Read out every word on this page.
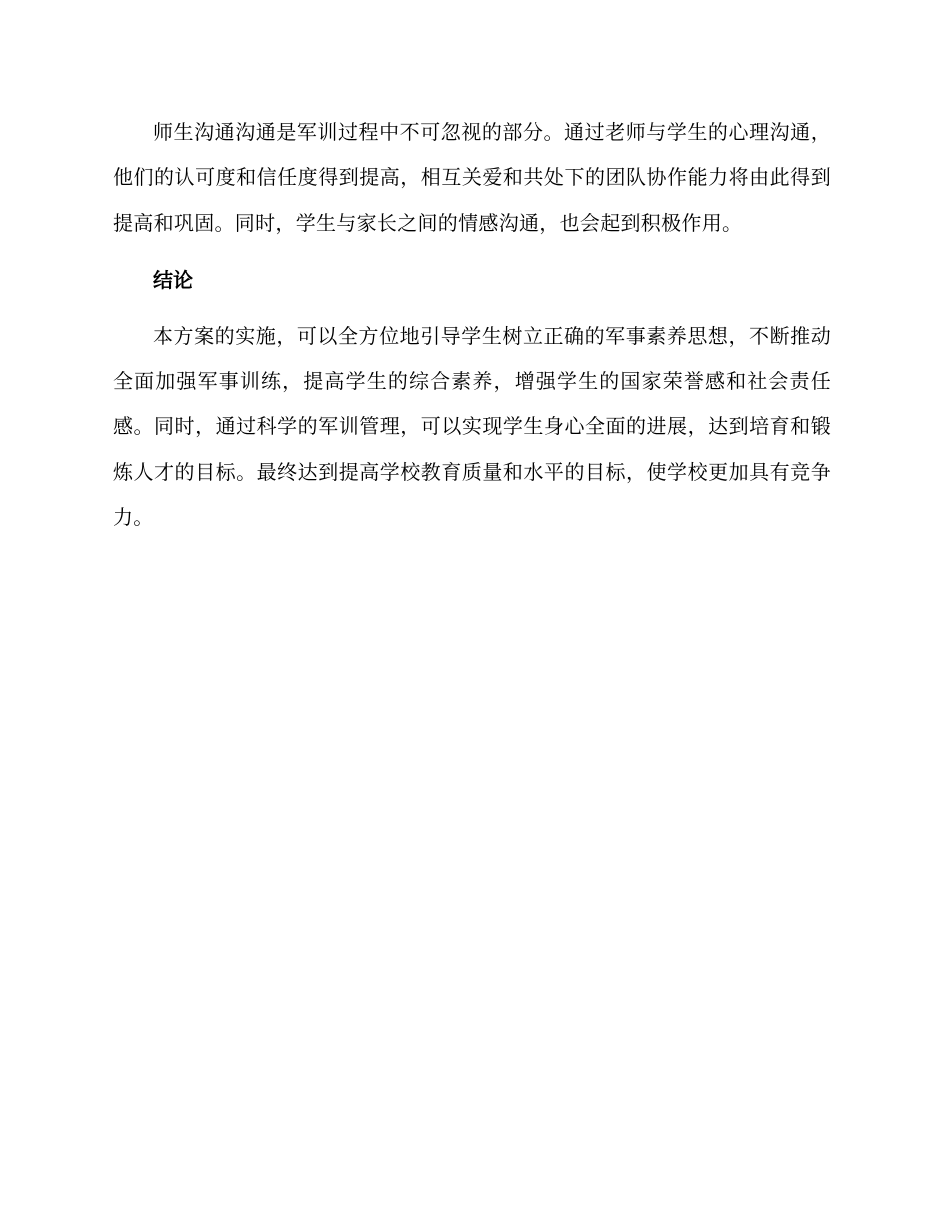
师生沟通沟通是军训过程中不可忽视的部分。通过老师与学生的心理沟通，他们的认可度和信任度得到提高，相互关爱和共处下的团队协作能力将由此得到提高和巩固。同时，学生与家长之间的情感沟通，也会起到积极作用。

结论

本方案的实施，可以全方位地引导学生树立正确的军事素养思想，不断推动全面加强军事训练，提高学生的综合素养，增强学生的国家荣誉感和社会责任感。同时，通过科学的军训管理，可以实现学生身心全面的进展，达到培育和锻炼人才的目标。最终达到提高学校教育质量和水平的目标，使学校更加具有竞争力。
